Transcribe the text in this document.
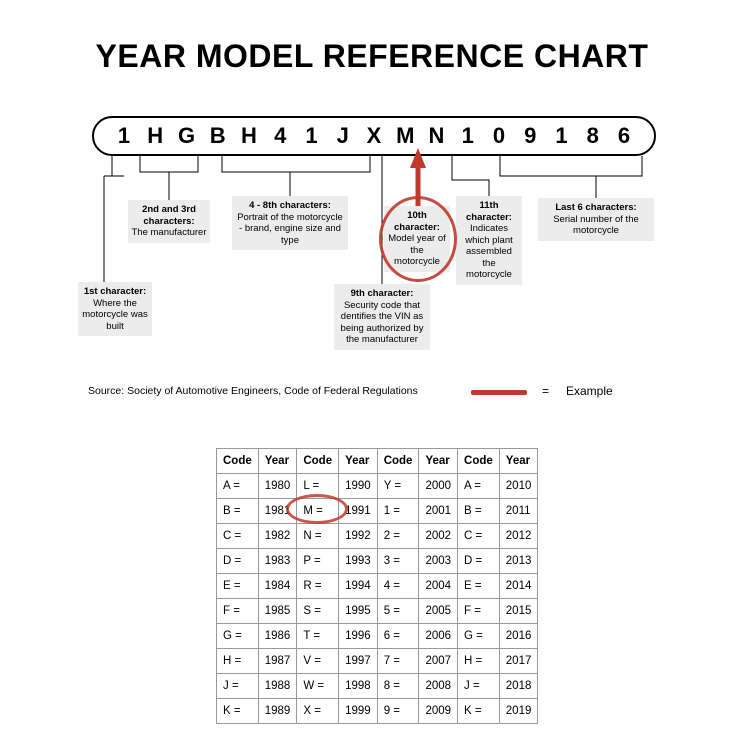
YEAR MODEL REFERENCE CHART
1 H G B H 4 1 J X M N 1 0 9 1 8 6
1st character:
Where the motorcycle was built
2nd and 3rd characters:
The manufacturer
4 - 8th characters:
Portrait of the motorcycle - brand, engine size and type
9th character:
Security code that dentifies the VIN as being authorized by the manufacturer
10th character:
Model year of the motorcycle
11th character:
Indicates which plant assembled the motorcycle
Last 6 characters:
Serial number of the motorcycle
Source: Society of Automotive Engineers, Code of Federal Regulations	= Example
Code	Year	Code	Year	Code	Year	Code	Year
A =	1980	L =	1990	Y =	2000	A =	2010
B =	1981	M =	1991	1 =	2001	B =	2011
C =	1982	N =	1992	2 =	2002	C =	2012
D =	1983	P =	1993	3 =	2003	D =	2013
E =	1984	R =	1994	4 =	2004	E =	2014
F =	1985	S =	1995	5 =	2005	F =	2015
G =	1986	T =	1996	6 =	2006	G =	2016
H =	1987	V =	1997	7 =	2007	H =	2017
J =	1988	W =	1998	8 =	2008	J =	2018
K =	1989	X =	1999	9 =	2009	K =	2019
